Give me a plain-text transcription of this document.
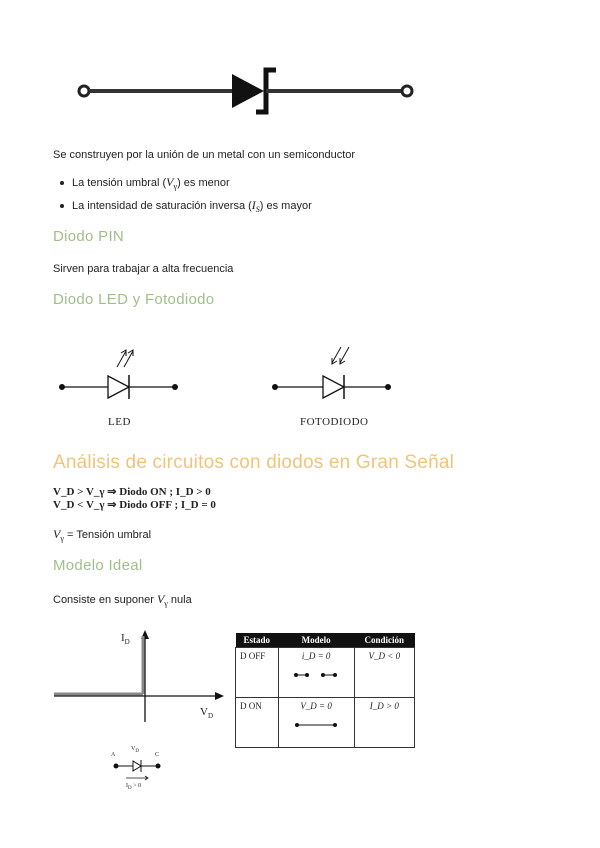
Se construyen por la unión de un metal con un semiconductor
La tensión umbral $(V_\gamma)$ es menor
La intensidad de saturación inversa $(I_S)$ es mayor
Diodo PIN
Sirven para trabajar a alta frecuencia
Diodo LED y Fotodiodo
LED	FOTODIODO
Análisis de circuitos con diodos en Gran Señal
V_D > V_γ ⇒ Diodo ON ; I_D > 0
V_D < V_γ ⇒ Diodo OFF ; I_D = 0
$V_\gamma$ = Tensión umbral
Modelo Ideal
Consiste en suponer $V_\gamma$ nula
$I_D$
$V_D$
A	C
$V_D$
$I_D > 0$
Estado	Modelo	Condición
D OFF	i_D = 0	V_D < 0
D ON	V_D = 0	I_D > 0
